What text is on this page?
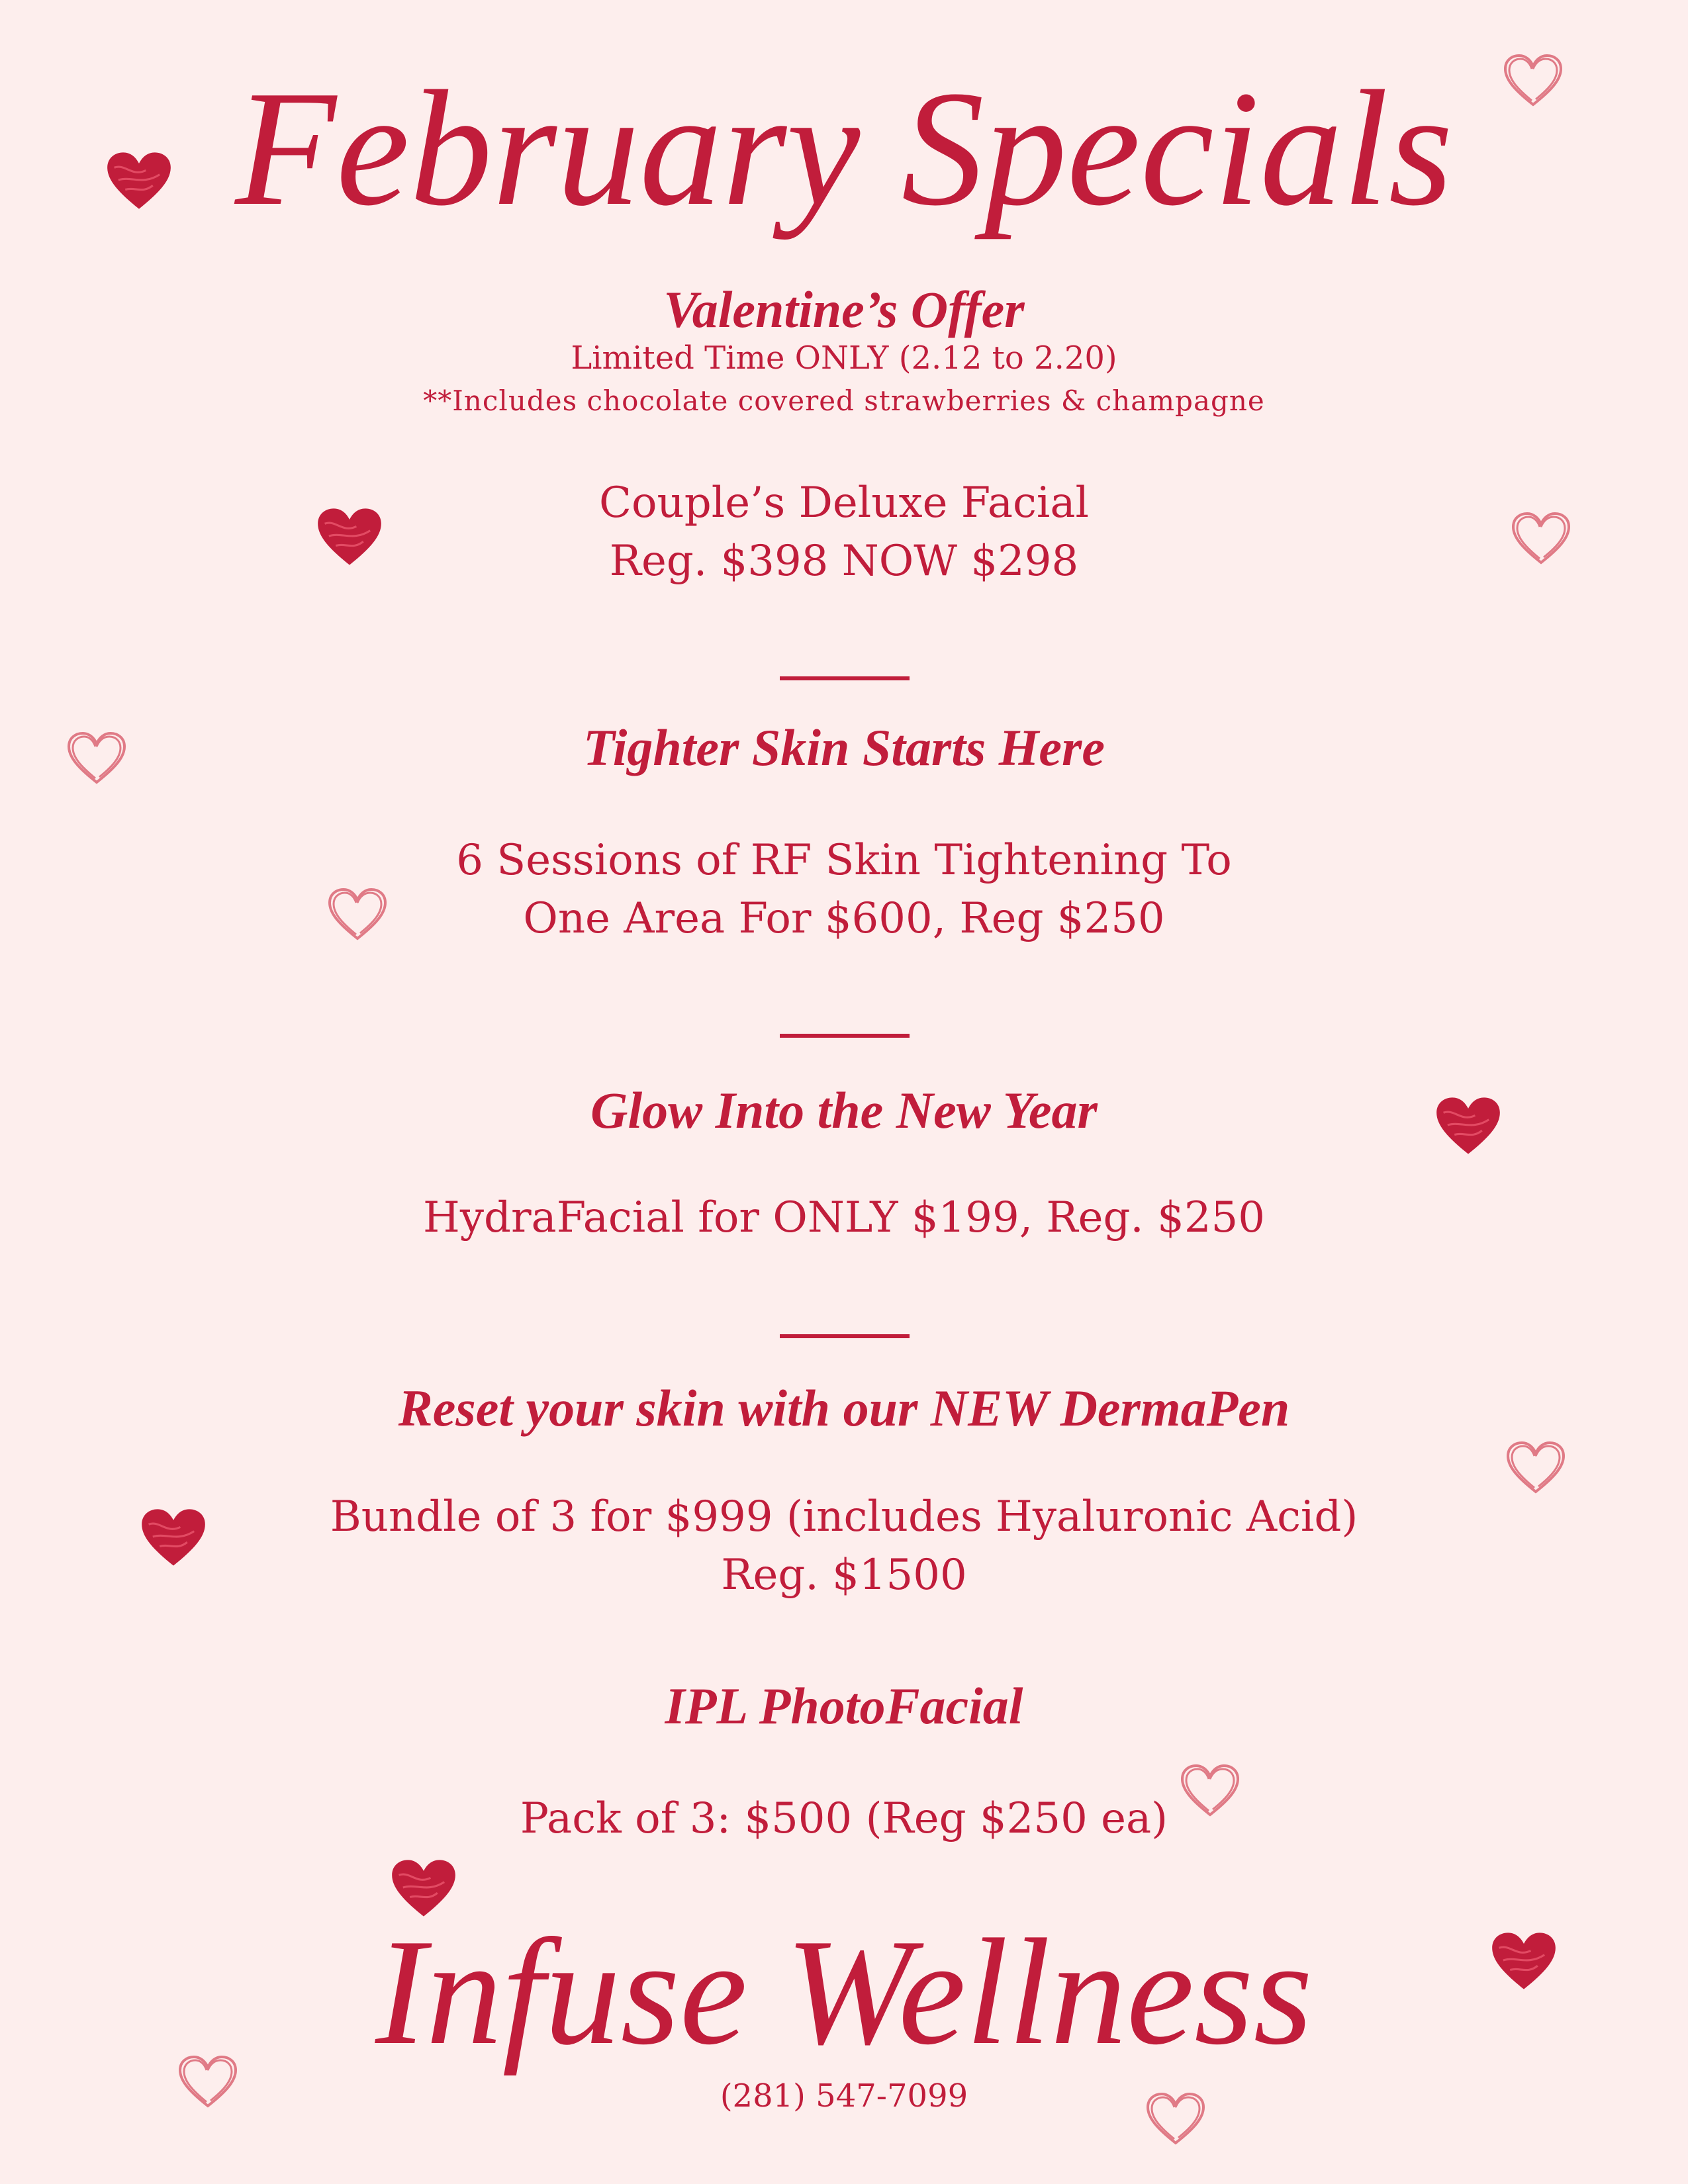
February Specials
Valentine’s Offer
Limited Time ONLY (2.12 to 2.20)
**Includes chocolate covered strawberries & champagne
Couple’s Deluxe Facial
Reg. $398 NOW $298
Tighter Skin Starts Here
6 Sessions of RF Skin Tightening To
One Area For $600, Reg $250
Glow Into the New Year
HydraFacial for ONLY $199, Reg. $250
Reset your skin with our NEW DermaPen
Bundle of 3 for $999 (includes Hyaluronic Acid)
Reg. $1500
IPL PhotoFacial
Pack of 3: $500 (Reg $250 ea)
Infuse Wellness
(281) 547-7099
